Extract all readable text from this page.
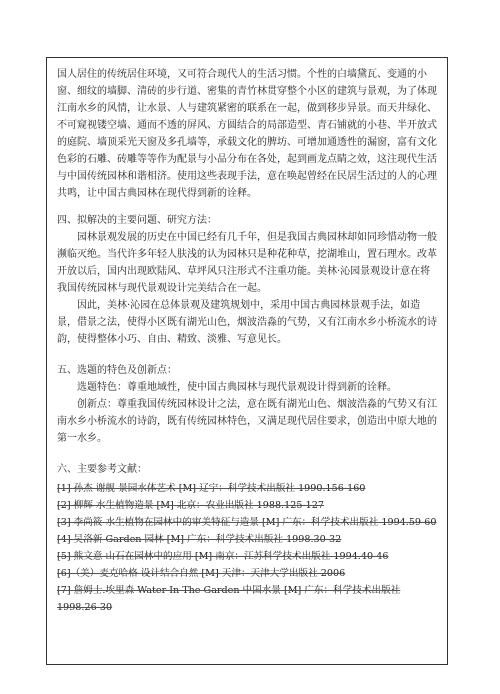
国人居住的传统居住环境，又可符合现代人的生活习惯。个性的白墙黛瓦、变通的小窗、细纹的墙脚、清砖的步行道、密集的青竹林贯穿整个小区的建筑与景观，为了体现江南水乡的风情，让水景、人与建筑紧密的联系在一起，做到移步异景。而天井绿化、不可窥视镂空墙、通而不透的屏风、方圆结合的局部造型、青石铺就的小巷、半开放式的庭院、墙顶采光天窗及多孔墙等，承载文化的脾坊、可增加通透性的漏窗，富有文化色彩的石雕、砖雕等等作为配景与小品分布在各处，起到画龙点睛之效，这注现代生活与中国传统园林和谐相济。使用这些表现手法，意在唤起曾经在民居生活过的人的心理共鸣，让中国古典园林在现代得到新的诠释。

四、拟解决的主要问题、研究方法：

园林景观发展的历史在中国已经有几千年，但是我国古典园林却如同珍惜动物一般濒临灭绝。当代许多年轻人肤浅的认为园林只是种花种草，挖湖堆山，置石理水。改革开放以后，国内出现欧陆风、草坪风只注形式不注重功能。美林·沁园景观设计意在将我国传统园林与现代景观设计完美结合在一起。

因此，美林·沁园在总体景观及建筑规划中，采用中国古典园林景观手法，如造景，借景之法，使得小区既有湖光山色，烟波浩淼的气势，又有江南水乡小桥流水的诗韵，使得整体小巧、自由、精致、淡雅、写意见长。

五、选题的特色及创新点：

选题特色：尊重地域性，使中国古典园林与现代景观设计得到新的诠释。

创新点：尊重我国传统园林设计之法，意在既有湖光山色、烟波浩淼的气势又有江南水乡小桥流水的诗韵，既有传统园林特色，又满足现代居住要求，创造出中原大地的第一水乡。

六、主要参考文献：

[1] 孙杰 谢舰 景园水体艺术 [M] 辽宁：科学技术出版社 1990.156-160
[2] 柳辉 水生植物造景 [M] 北京：农业出版社 1988.125-127
[3] 李尚筱 水生植物在园林中的审美特征与造景 [M] 广东：科学技术出版社 1994.59-60
[4] 吴洛新 Garden 园林 [M] 广东：科学技术出版社 1998.30-32
[5] 熊文意 山石在园林中的应用 [M] 南京：江苏科学技术出版社 1994.40-46
[6]（美）麦克哈格 设计结合自然 [M] 天津：天津大学出版社 2006
[7] 詹姆士.埃里森 Water In The Garden 中国水景 [M] 广东：科学技术出版社 1998.26-30
